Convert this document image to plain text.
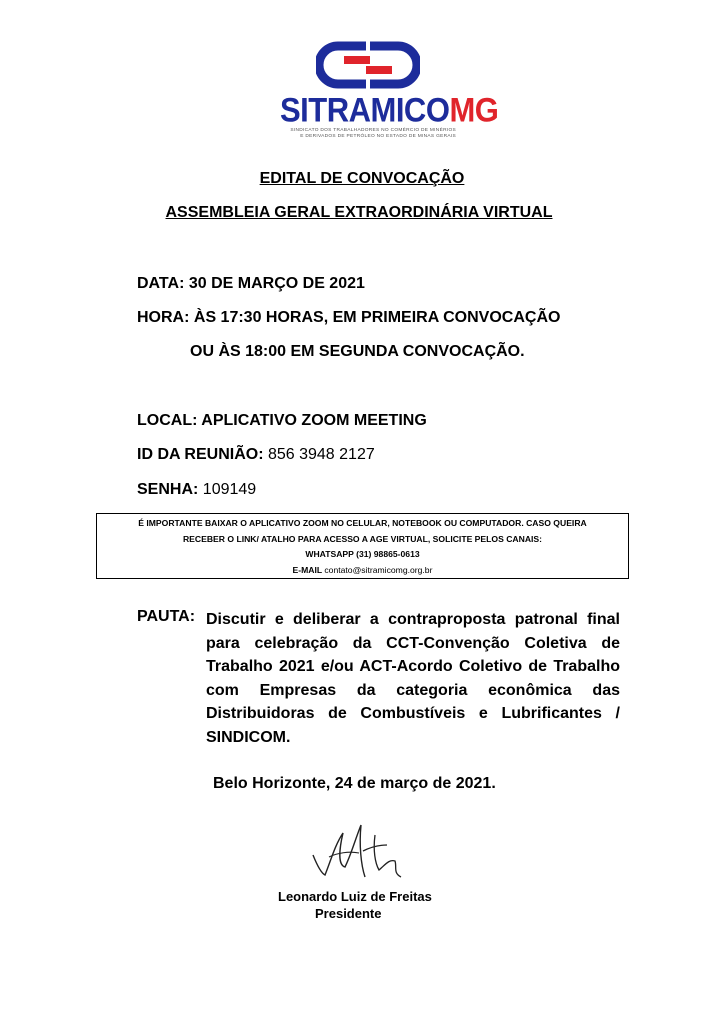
SITRAMICOMG
SINDICATO DOS TRABALHADORES NO COMÉRCIO DE MINÉRIOS
E DERIVADOS DE PETRÓLEO NO ESTADO DE MINAS GERAIS
EDITAL DE CONVOCAÇÃO
ASSEMBLEIA GERAL EXTRAORDINÁRIA VIRTUAL
DATA: 30 DE MARÇO DE 2021
HORA: ÀS 17:30 HORAS, EM PRIMEIRA CONVOCAÇÃO
OU ÀS 18:00 EM SEGUNDA CONVOCAÇÃO.
LOCAL: APLICATIVO ZOOM MEETING
ID DA REUNIÃO: 856 3948 2127
SENHA: 109149
É IMPORTANTE BAIXAR O APLICATIVO ZOOM NO CELULAR, NOTEBOOK OU COMPUTADOR. CASO QUEIRA
RECEBER O LINK/ ATALHO PARA ACESSO A AGE VIRTUAL, SOLICITE PELOS CANAIS:
WHATSAPP (31) 98865-0613
E-MAIL contato@sitramicomg.org.br
PAUTA: Discutir e deliberar a contraproposta patronal final para celebração da CCT-Convenção Coletiva de Trabalho 2021 e/ou ACT-Acordo Coletivo de Trabalho com Empresas da categoria econômica das Distribuidoras de Combustíveis e Lubrificantes / SINDICOM.
Belo Horizonte, 24 de março de 2021.
Leonardo Luiz de Freitas
Presidente
